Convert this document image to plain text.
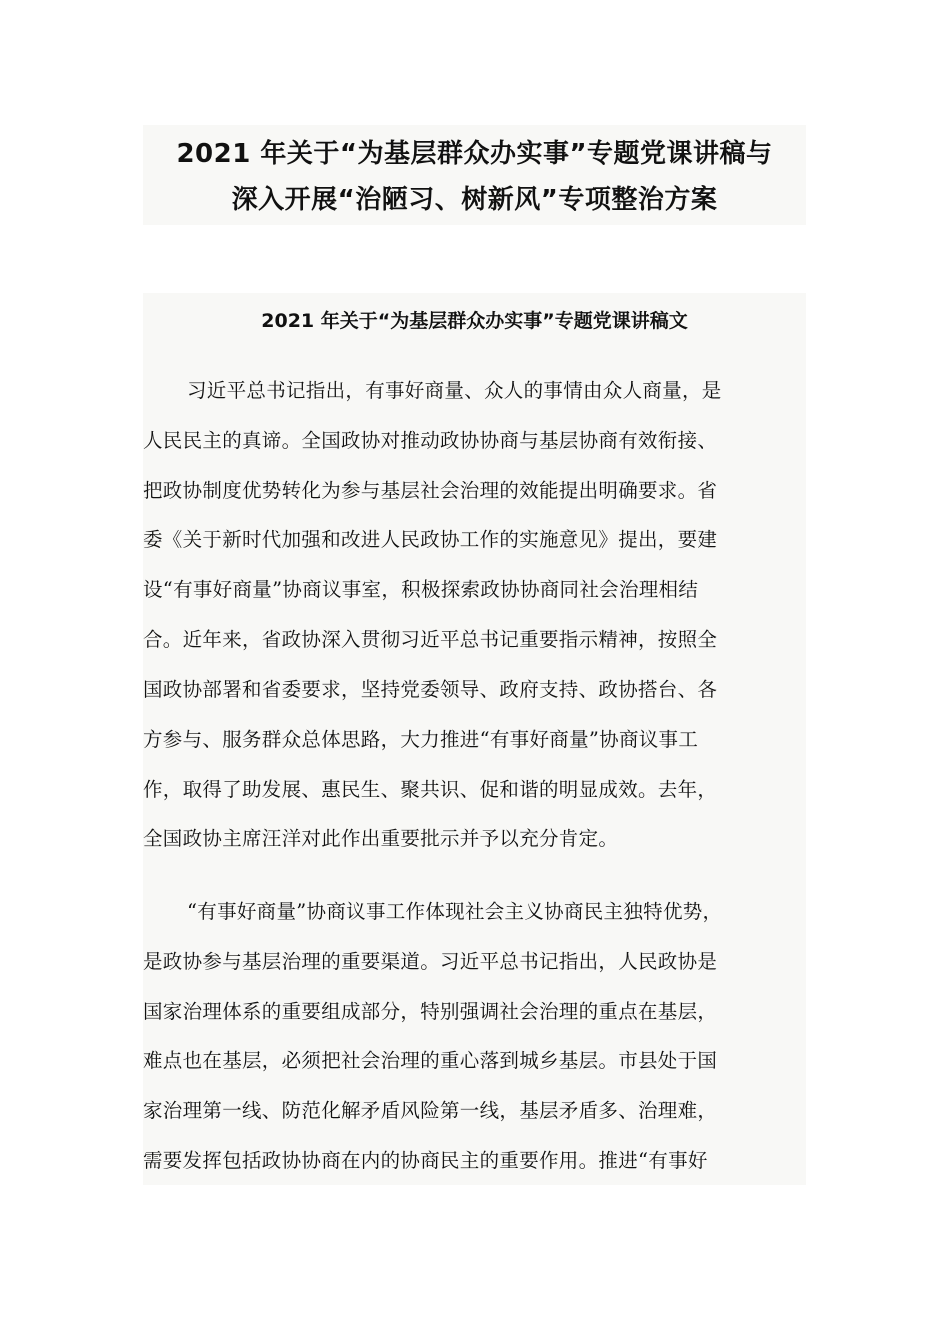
2021 年关于“为基层群众办实事”专题党课讲稿与
深入开展“治陋习、树新风”专项整治方案
2021 年关于“为基层群众办实事”专题党课讲稿文
习近平总书记指出，有事好商量、众人的事情由众人商量，是
人民民主的真谛。全国政协对推动政协协商与基层协商有效衔接、
把政协制度优势转化为参与基层社会治理的效能提出明确要求。省
委《关于新时代加强和改进人民政协工作的实施意见》提出，要建
设“有事好商量”协商议事室，积极探索政协协商同社会治理相结
合。近年来，省政协深入贯彻习近平总书记重要指示精神，按照全
国政协部署和省委要求，坚持党委领导、政府支持、政协搭台、各
方参与、服务群众总体思路，大力推进“有事好商量”协商议事工
作，取得了助发展、惠民生、聚共识、促和谐的明显成效。去年，
全国政协主席汪洋对此作出重要批示并予以充分肯定。
“有事好商量”协商议事工作体现社会主义协商民主独特优势，
是政协参与基层治理的重要渠道。习近平总书记指出，人民政协是
国家治理体系的重要组成部分，特别强调社会治理的重点在基层，
难点也在基层，必须把社会治理的重心落到城乡基层。市县处于国
家治理第一线、防范化解矛盾风险第一线，基层矛盾多、治理难，
需要发挥包括政协协商在内的协商民主的重要作用。推进“有事好
